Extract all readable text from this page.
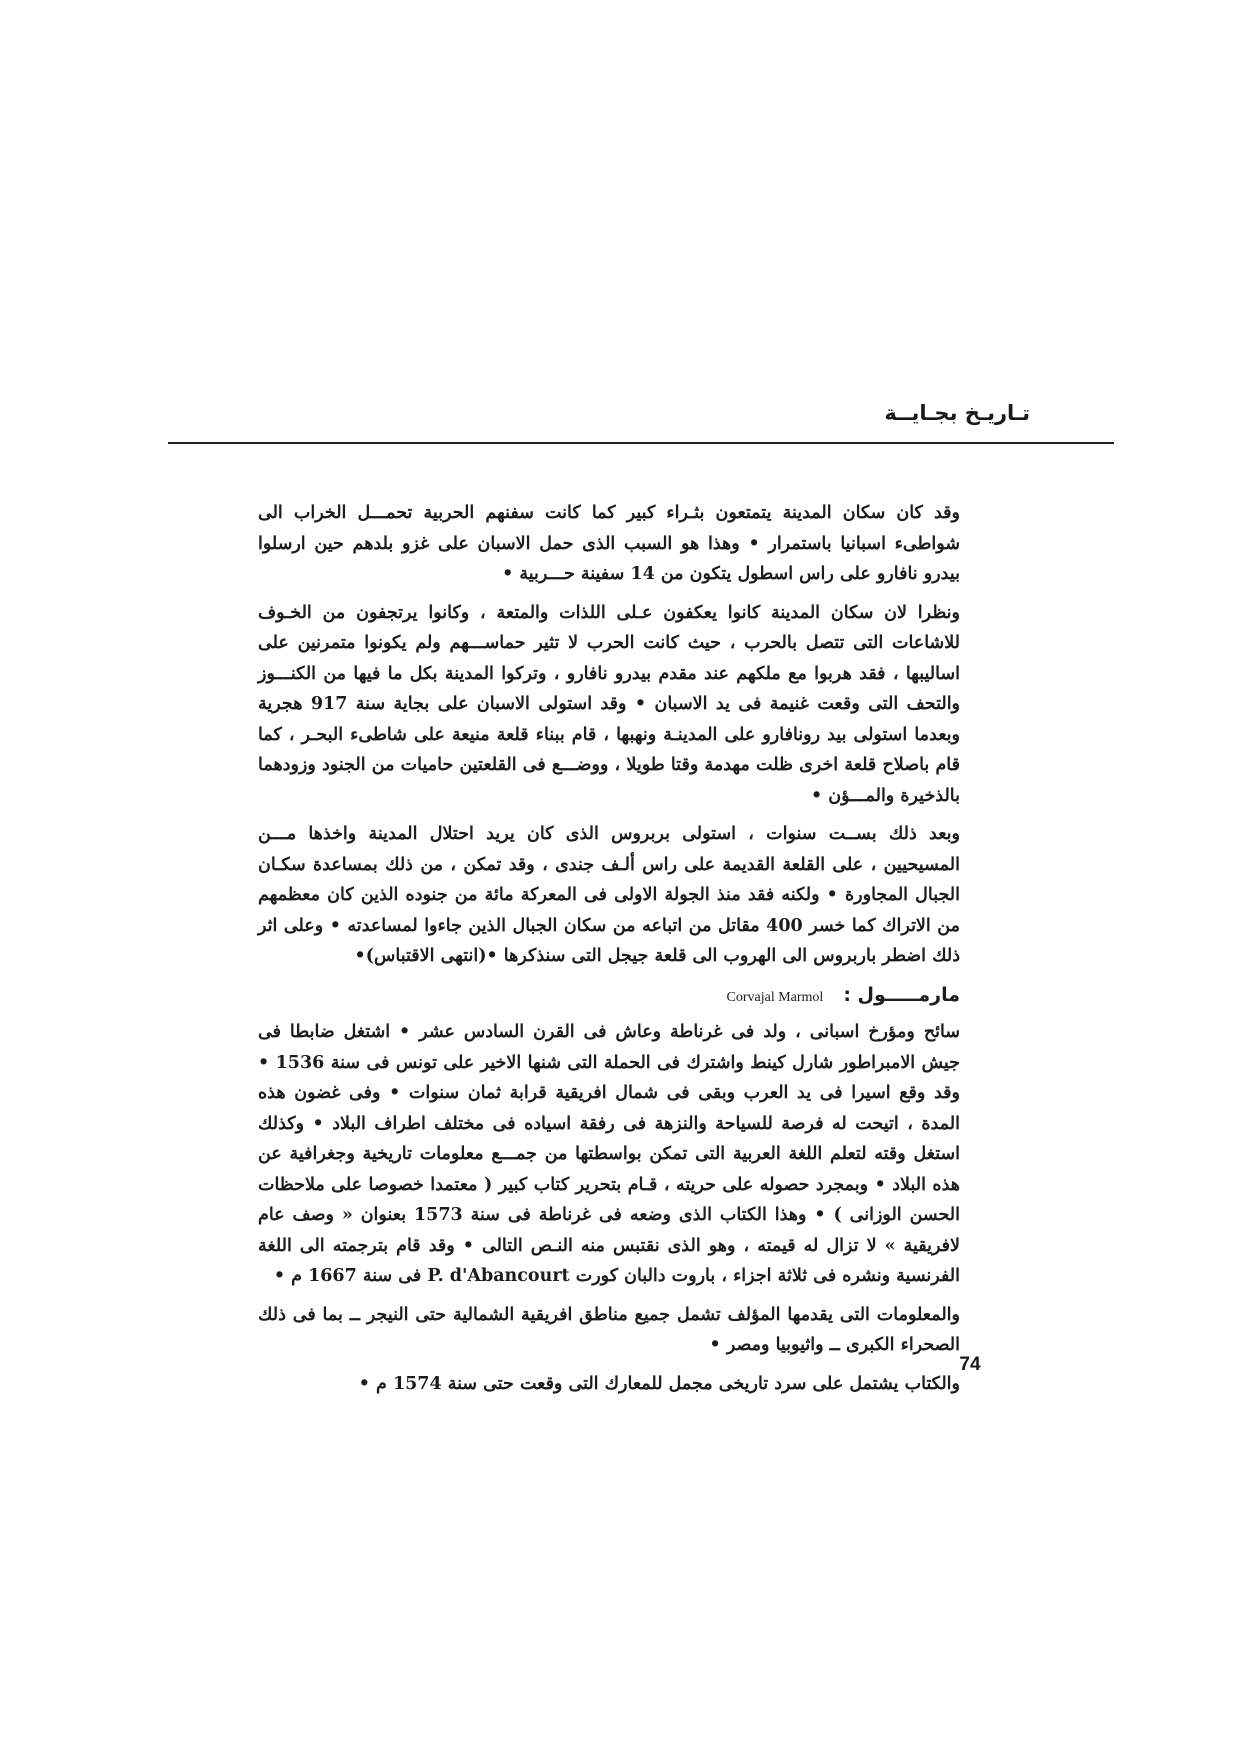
تـاريـخ بجـايــة

وقد كان سكان المدينة يتمتعون بثـراء كبير كما كانت سفنهم الحربية تحمـــل الخراب الى شواطىء اسبانيا باستمرار • وهذا هو السبب الذى حمل الاسبان على غزو بلدهم حين ارسلوا بيدرو نافارو على راس اسطول يتكون من 14 سفينة حـــربية •

ونظرا لان سكان المدينة كانوا يعكفون عـلى اللذات والمتعة ، وكانوا يرتجفون من الخـوف للاشاعات التى تتصل بالحرب ، حيث كانت الحرب لا تثير حماســـهم ولم يكونوا متمرنين على اساليبها ، فقد هربوا مع ملكهم عند مقدم بيدرو نافارو ، وتركوا المدينة بكل ما فيها من الكنـــوز والتحف التى وقعت غنيمة فى يد الاسبان • وقد استولى الاسبان على بجاية سنة 917 هجرية وبعدما استولى بيد رونافارو على المدينـة ونهبها ، قام ببناء قلعة منيعة على شاطىء البحـر ، كما قام باصلاح قلعة اخرى ظلت مهدمة وقتا طويلا ، ووضـــع فى القلعتين حاميات من الجنود وزودهما بالذخيرة والمـــؤن •

وبعد ذلك بســت سنوات ، استولى بربروس الذى كان يريد احتلال المدينة واخذها مـــن المسيحيين ، على القلعة القديمة على راس ألـف جندى ، وقد تمكن ، من ذلك بمساعدة سكـان الجبال المجاورة • ولكنه فقد منذ الجولة الاولى فى المعركة مائة من جنوده الذين كان معظمهم من الاتراك كما خسر 400 مقاتل من اتباعه من سكان الجبال الذين جاءوا لمساعدته • وعلى اثر ذلك اضطر باربروس الى الهروب الى قلعة جيجل التى سنذكرها •(انتهى الاقتباس)•

مارمـــــول :
Corvajal Marmol

سائح ومؤرخ اسبانى ، ولد فى غرناطة وعاش فى القرن السادس عشر • اشتغل ضابطا فى جيش الامبراطور شارل كينط واشترك فى الحملة التى شنها الاخير على تونس فى سنة 1536 • وقد وقع اسيرا فى يد العرب وبقى فى شمال افريقية قرابة ثمان سنوات • وفى غضون هذه المدة ، اتيحت له فرصة للسياحة والنزهة فى رفقة اسياده فى مختلف اطراف البلاد • وكذلك استغل وقته لتعلم اللغة العربية التى تمكن بواسطتها من جمـــع معلومات تاريخية وجغرافية عن هذه البلاد • وبمجرد حصوله على حريته ، قـام بتحرير كتاب كبير ( معتمدا خصوصا على ملاحظات الحسن الوزانى ) • وهذا الكتاب الذى وضعه فى غرناطة فى سنة 1573 بعنوان « وصف عام لافريقية » لا تزال له قيمته ، وهو الذى نقتبس منه النـص التالى • وقد قام بترجمته الى اللغة الفرنسية ونشره فى ثلاثة اجزاء ، باروت دالبان كورت P. d'Abancourt فى سنة 1667 م •

والمعلومات التى يقدمها المؤلف تشمل جميع مناطق افريقية الشمالية حتى النيجر ــ بما فى ذلك الصحراء الكبرى ــ واثيوبيا ومصر •

والكتاب يشتمل على سرد تاريخى مجمل للمعارك التى وقعت حتى سنة 1574 م •

74
